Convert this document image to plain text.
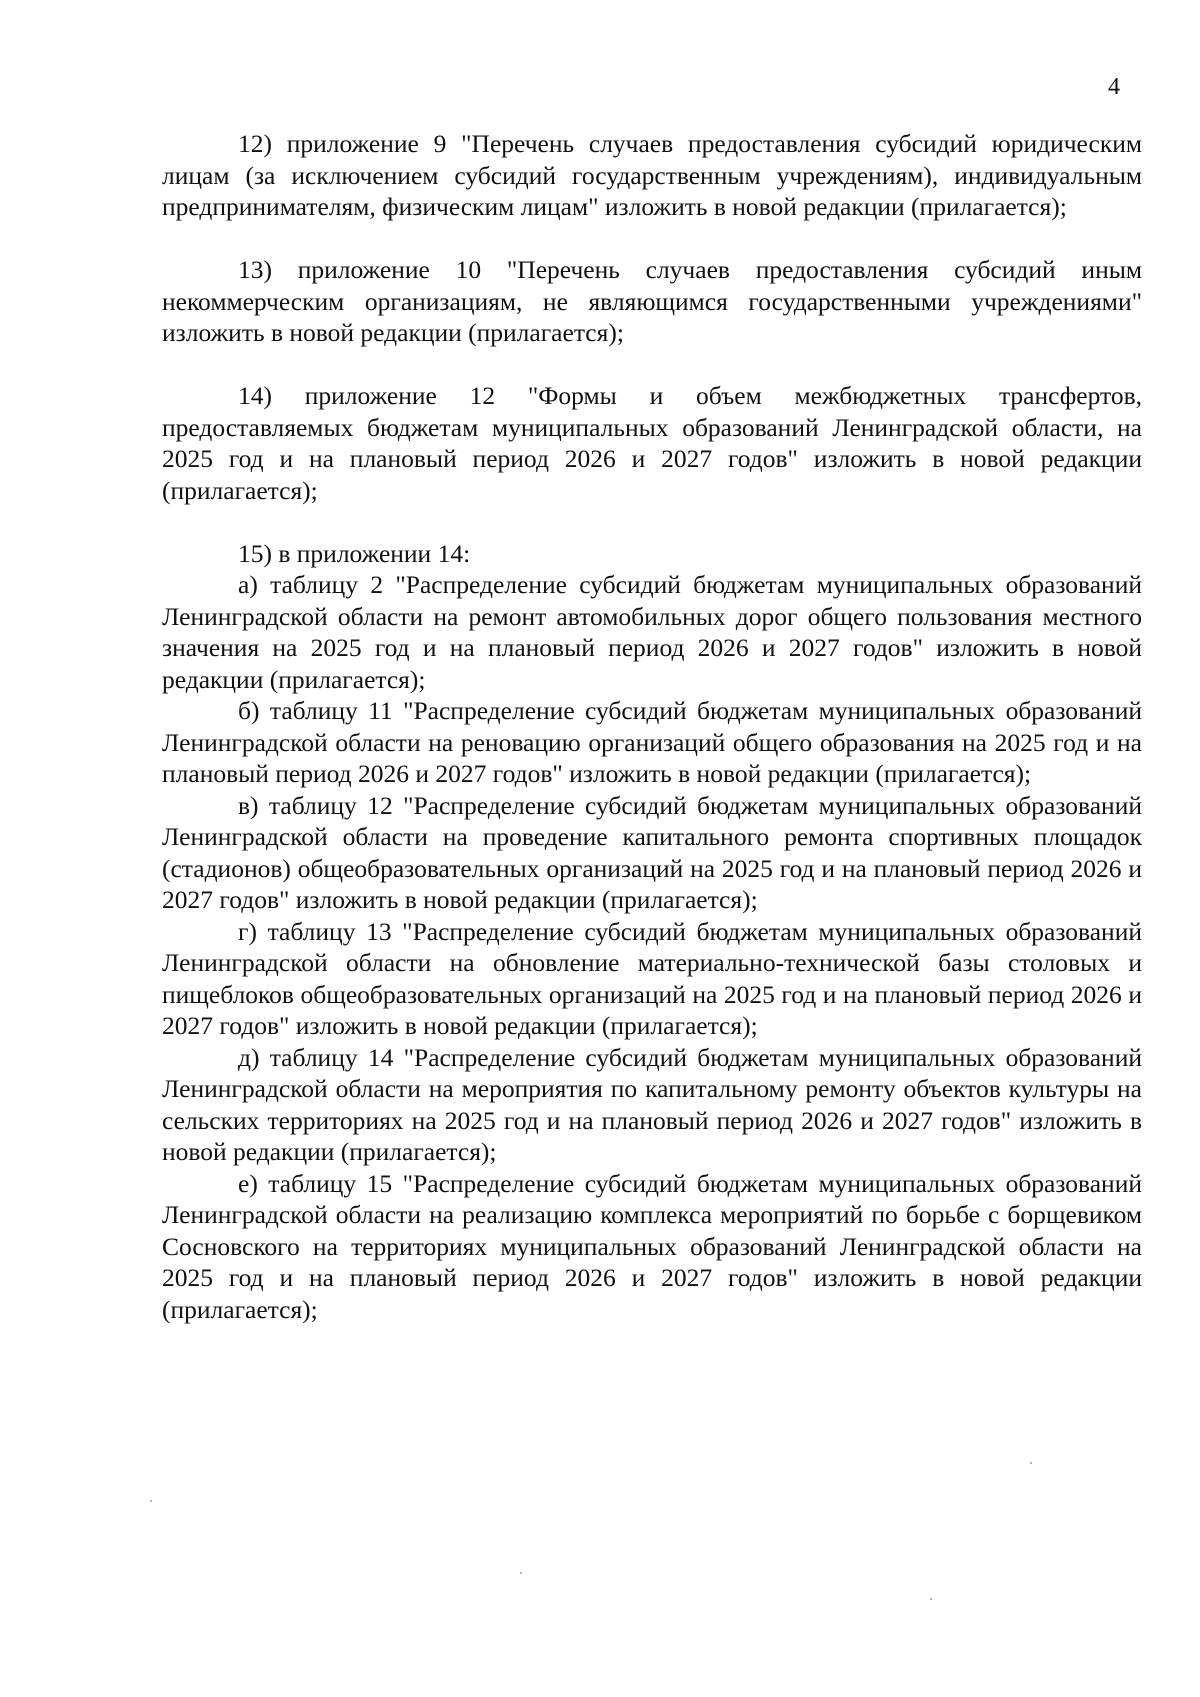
4

12) приложение 9 "Перечень случаев предоставления субсидий юридическим лицам (за исключением субсидий государственным учреждениям), индивидуальным предпринимателям, физическим лицам" изложить в новой редакции (прилагается);

13) приложение 10 "Перечень случаев предоставления субсидий иным некоммерческим организациям, не являющимся государственными учреждениями" изложить в новой редакции (прилагается);

14) приложение 12 "Формы и объем межбюджетных трансфертов, предоставляемых бюджетам муниципальных образований Ленинградской области, на 2025 год и на плановый период 2026 и 2027 годов" изложить в новой редакции (прилагается);

15) в приложении 14:

а) таблицу 2 "Распределение субсидий бюджетам муниципальных образований Ленинградской области на ремонт автомобильных дорог общего пользования местного значения на 2025 год и на плановый период 2026 и 2027 годов" изложить в новой редакции (прилагается);

б) таблицу 11 "Распределение субсидий бюджетам муниципальных образований Ленинградской области на реновацию организаций общего образования на 2025 год и на плановый период 2026 и 2027 годов" изложить в новой редакции (прилагается);

в) таблицу 12 "Распределение субсидий бюджетам муниципальных образований Ленинградской области на проведение капитального ремонта спортивных площадок (стадионов) общеобразовательных организаций на 2025 год и на плановый период 2026 и 2027 годов" изложить в новой редакции (прилагается);

г) таблицу 13 "Распределение субсидий бюджетам муниципальных образований Ленинградской области на обновление материально-технической базы столовых и пищеблоков общеобразовательных организаций на 2025 год и на плановый период 2026 и 2027 годов" изложить в новой редакции (прилагается);

д) таблицу 14 "Распределение субсидий бюджетам муниципальных образований Ленинградской области на мероприятия по капитальному ремонту объектов культуры на сельских территориях на 2025 год и на плановый период 2026 и 2027 годов" изложить в новой редакции (прилагается);

е) таблицу 15 "Распределение субсидий бюджетам муниципальных образований Ленинградской области на реализацию комплекса мероприятий по борьбе с борщевиком Сосновского на территориях муниципальных образований Ленинградской области на 2025 год и на плановый период 2026 и 2027 годов" изложить в новой редакции (прилагается);
